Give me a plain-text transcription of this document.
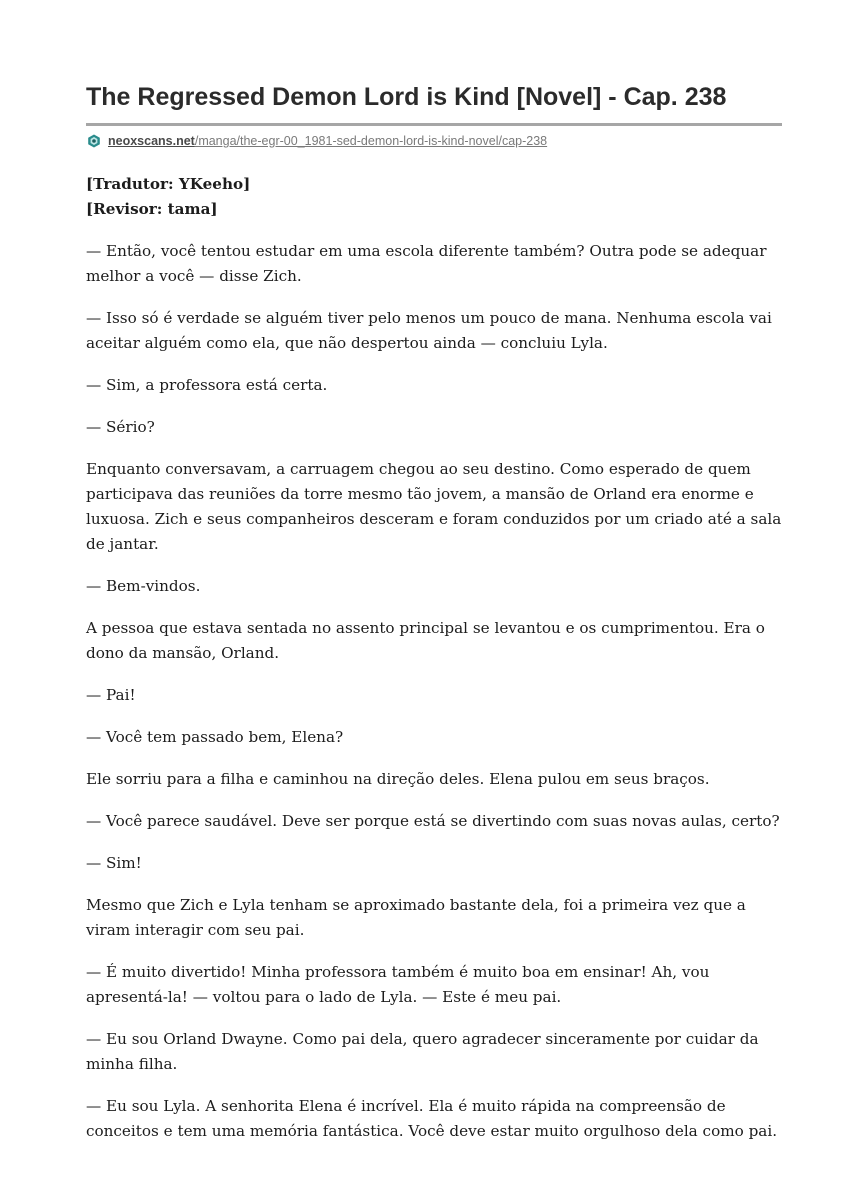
The Regressed Demon Lord is Kind [Novel] - Cap. 238
neoxscans.net /manga/the-egr-00_1981-sed-demon-lord-is-kind-novel/cap-238

[Tradutor: YKeeho]

[Revisor: tama]

— Então, você tentou estudar em uma escola diferente também? Outra pode se adequar melhor a você — disse Zich.

— Isso só é verdade se alguém tiver pelo menos um pouco de mana. Nenhuma escola vai aceitar alguém como ela, que não despertou ainda — concluiu Lyla.

— Sim, a professora está certa.

— Sério?

Enquanto conversavam, a carruagem chegou ao seu destino. Como esperado de quem participava das reuniões da torre mesmo tão jovem, a mansão de Orland era enorme e luxuosa. Zich e seus companheiros desceram e foram conduzidos por um criado até a sala de jantar.

— Bem-vindos.

A pessoa que estava sentada no assento principal se levantou e os cumprimentou. Era o dono da mansão, Orland.

— Pai!

— Você tem passado bem, Elena?

Ele sorriu para a filha e caminhou na direção deles. Elena pulou em seus braços.

— Você parece saudável. Deve ser porque está se divertindo com suas novas aulas, certo?

— Sim!

Mesmo que Zich e Lyla tenham se aproximado bastante dela, foi a primeira vez que a viram interagir com seu pai.

— É muito divertido! Minha professora também é muito boa em ensinar! Ah, vou apresentá-la! — voltou para o lado de Lyla. — Este é meu pai.

— Eu sou Orland Dwayne. Como pai dela, quero agradecer sinceramente por cuidar da minha filha.

— Eu sou Lyla. A senhorita Elena é incrível. Ela é muito rápida na compreensão de conceitos e tem uma memória fantástica. Você deve estar muito orgulhoso dela como pai.
